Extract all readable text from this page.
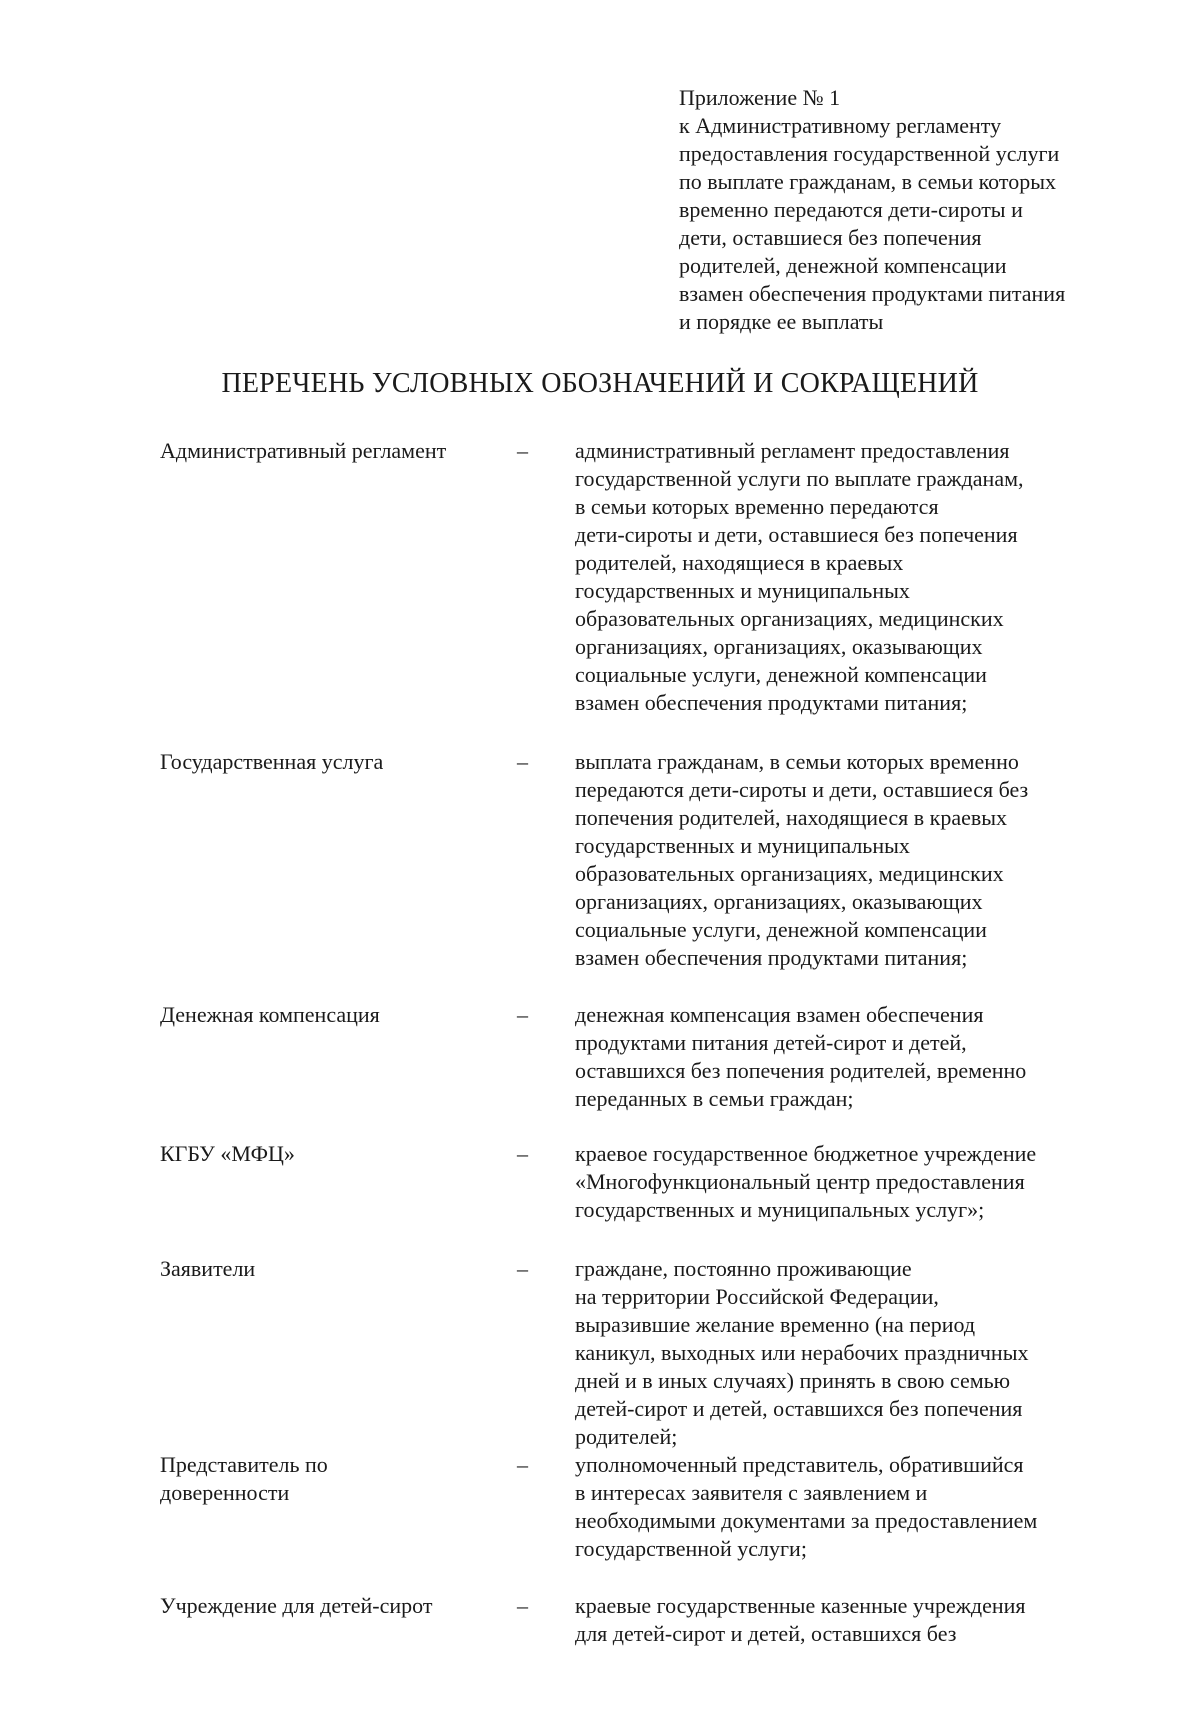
Приложение № 1
к Административному регламенту
предоставления государственной услуги
по выплате гражданам, в семьи которых
временно передаются дети-сироты и
дети, оставшиеся без попечения
родителей, денежной компенсации
взамен обеспечения продуктами питания
и порядке ее выплаты
ПЕРЕЧЕНЬ УСЛОВНЫХ ОБОЗНАЧЕНИЙ И СОКРАЩЕНИЙ
Административный регламент	–	административный регламент предоставления
государственной услуги по выплате гражданам,
в семьи которых временно передаются
дети-сироты и дети, оставшиеся без попечения
родителей, находящиеся в краевых
государственных и муниципальных
образовательных организациях, медицинских
организациях, организациях, оказывающих
социальные услуги, денежной компенсации
взамен обеспечения продуктами питания;
Государственная услуга	–	выплата гражданам, в семьи которых временно
передаются дети-сироты и дети, оставшиеся без
попечения родителей, находящиеся в краевых
государственных и муниципальных
образовательных организациях, медицинских
организациях, организациях, оказывающих
социальные услуги, денежной компенсации
взамен обеспечения продуктами питания;
Денежная компенсация	–	денежная компенсация взамен обеспечения
продуктами питания детей-сирот и детей,
оставшихся без попечения родителей, временно
переданных в семьи граждан;
КГБУ «МФЦ»	–	краевое государственное бюджетное учреждение
«Многофункциональный центр предоставления
государственных и муниципальных услуг»;
Заявители	–	граждане, постоянно проживающие
на территории Российской Федерации,
выразившие желание временно (на период
каникул, выходных или нерабочих праздничных
дней и в иных случаях) принять в свою семью
детей-сирот и детей, оставшихся без попечения
родителей;
Представитель по
доверенности
–	уполномоченный представитель, обратившийся
в интересах заявителя с заявлением и
необходимыми документами за предоставлением
государственной услуги;
Учреждение для детей-сирот	–	краевые государственные казенные учреждения
для детей-сирот и детей, оставшихся без
